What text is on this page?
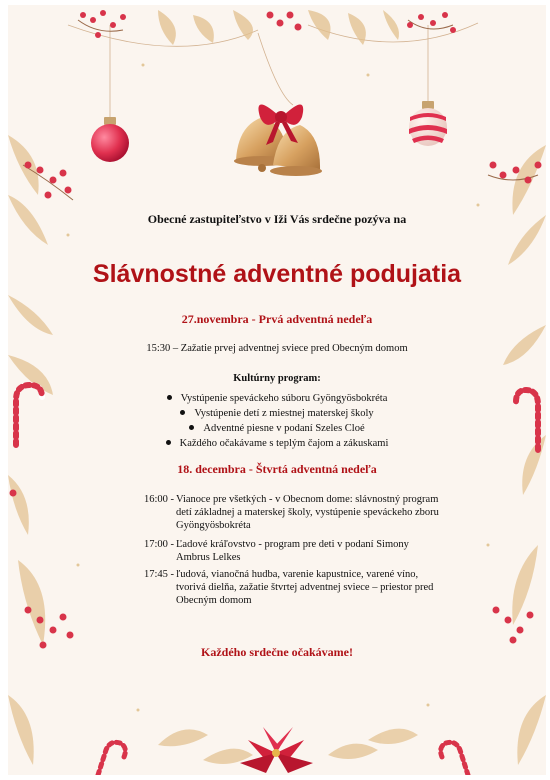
Obecné zastupiteľstvo v Iži Vás srdečne pozýva na
Slávnostné adventné podujatia
27.novembra - Prvá adventná nedeľa
15:30 – Zažatie prvej adventnej sviece pred Obecným domom
Kultúrny program:
Vystúpenie speváckeho súboru Gyöngyösbokréta
Vystúpenie detí z miestnej materskej školy
Adventné piesne v podaní Szeles Cloé
Každého očakávame s teplým čajom a zákuskami
18. decembra - Štvrtá adventná nedeľa
16:00 - Vianoce pre všetkých - v Obecnom dome: slávnostný program detí základnej a materskej školy, vystúpenie speváckeho zboru Gyöngyösbokréta
17:00 - Ľadové kráľovstvo - program pre deti v podaní Simony Ambrus Lelkes
17:45 - ľudová, vianočná hudba, varenie kapustnice, varené víno, tvorivá dielňa, zažatie štvrtej adventnej sviece – priestor pred Obecným domom
Každého srdečne očakávame!
